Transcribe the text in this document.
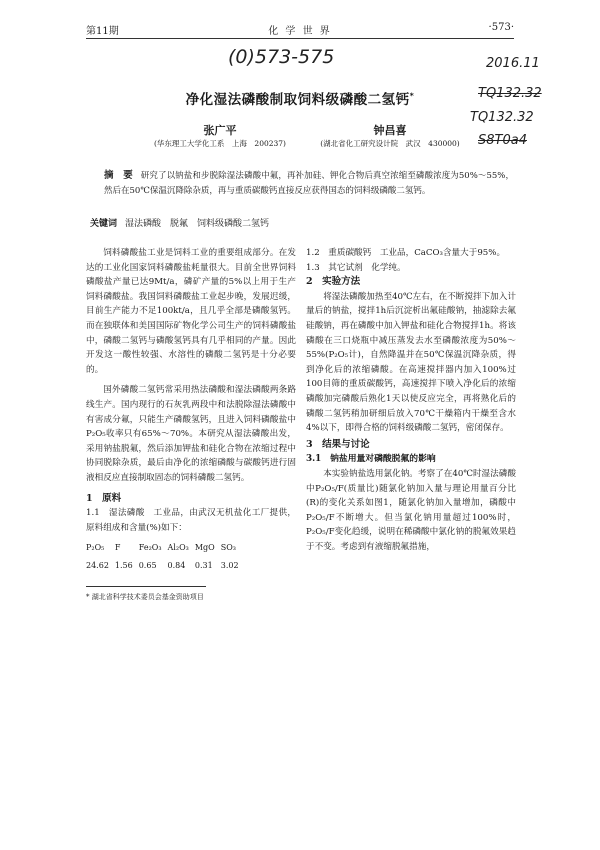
第11期	化 学 世 界	·573·
(0)573-575	2016.11
TQ132.32
TQ132.32
S8T0a4
净化湿法磷酸制取饲料级磷酸二氢钙*
张广平
(华东理工大学化工系　上海　200237)
钟昌喜
(湖北省化工研究设计院　武汉　430000)
摘　要 研究了以钠盐和步脱除湿法磷酸中氟，再补加硅、钾化合物后真空浓缩至磷酸浓度为50%～55%，然后在50℃保温沉降除杂质，再与重质碳酸钙直接反应获得国态的饲料级磷酸二氢钙。
关键词 湿法磷酸　脱氟　饲料级磷酸二氢钙

饲料磷酸盐工业是饲料工业的重要组成部分。在发达的工业化国家饲料磷酸盐耗量很大。目前全世界饲料磷酸盐产量已达9Mt/a，磷矿产量的5%以上用于生产饲料磷酸盐。我国饲料磷酸盐工业起步晚，发展迟缓，目前生产能力不足100kt/a，且几乎全部是磷酸氢钙。而在独联体和美国国际矿物化学公司生产的饲料磷酸盐中，磷酸二氢钙与磷酸氢钙具有几乎相同的产量。因此开发这一酸性较强、水溶性的磷酸二氢钙是十分必要的。

国外磷酸二氢钙常采用热法磷酸和湿法磷酸两条路线生产。国内现行的石灰乳两段中和法脱除湿法磷酸中有害成分氟，只能生产磷酸氢钙，且进入饲料磷酸盐中P₂O₅收率只有65%～70%。本研究从湿法磷酸出发，采用钠盐脱氟，然后添加钾盐和硅化合物在浓缩过程中协同脱除杂质，最后由净化的浓缩磷酸与碳酸钙进行固液相反应直接制取固态的饲料磷酸二氢钙。

1　原料

1.1　湿法磷酸　工业品，由武汉无机盐化工厂提供，原料组成和含量(%)如下：

P₂O₅	F	Fe₂O₃	Al₂O₃	MgO	SO₃
24.62	1.56	0.65	0.84	0.31	3.02
* 湖北省科学技术委员会基金资助项目

1.2　重质碳酸钙　工业品，CaCO₃含量大于95%。

1.3　其它试剂　化学纯。

2　实验方法

将湿法磷酸加热至40℃左右，在不断搅拌下加入计量后的钠盐，搅拌1h后沉淀析出氟硅酸钠，抽滤除去氟硅酸钠，再在磷酸中加入钾盐和硅化合物搅拌1h。将该磷酸在三口烧瓶中减压蒸发去水至磷酸浓度为50%～55%(P₂O₅计)，自然降温并在50℃保温沉降杂质，得到净化后的浓缩磷酸。在高速搅拌器内加入100%过100目筛的重质碳酸钙，高速搅拌下喷入净化后的浓缩磷酸加完磷酸后熟化1天以使反应完全，再将熟化后的磷酸二氢钙稍加研细后放入70℃干燥箱内干燥至含水4%以下，即得合格的饲料级磷酸二氢钙，密闭保存。

3　结果与讨论
3.1　钠盐用量对磷酸脱氟的影响

本实验钠盐选用氯化钠。考察了在40℃时湿法磷酸中P₂O₅/F(质量比)随氯化钠加入量与理论用量百分比(R)的变化关系如图1，随氯化钠加入量增加，磷酸中P₂O₅/F不断增大。但当氯化钠用量超过100%时，P₂O₅/F变化趋缓，说明在稀磷酸中氯化钠的脱氟效果趋于不变。考虑到有液缩脱氟措施，
